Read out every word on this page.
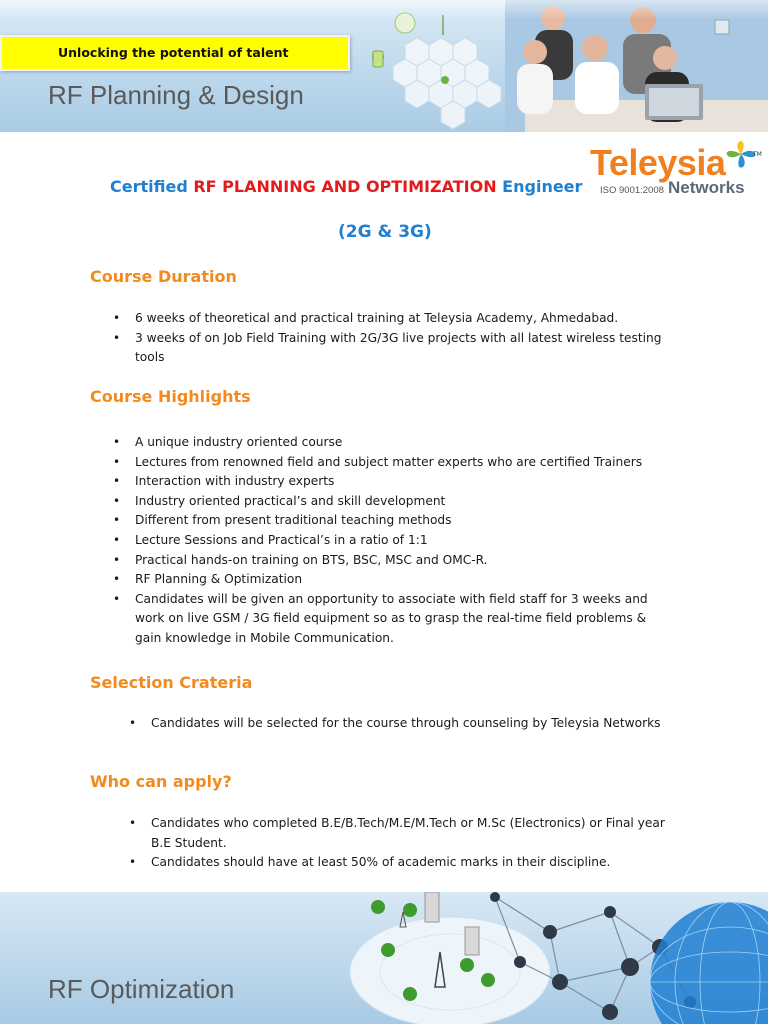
Unlocking the potential of talent
RF Planning & Design
Teleysia	TM
ISO 9001:2008 Networks
Certified RF PLANNING AND OPTIMIZATION Engineer
(2G & 3G)
Course Duration
• 6 weeks of theoretical and practical training at Teleysia Academy, Ahmedabad.
• 3 weeks of on Job Field Training with 2G/3G live projects with all latest wireless testing tools
Course Highlights
• A unique industry oriented course
• Lectures from renowned field and subject matter experts who are certified Trainers
• Interaction with industry experts
• Industry oriented practical’s and skill development
• Different from present traditional teaching methods
• Lecture Sessions and Practical’s in a ratio of 1:1
• Practical hands-on training on BTS, BSC, MSC and OMC-R.
• RF Planning & Optimization
• Candidates will be given an opportunity to associate with field staff for 3 weeks and work on live GSM / 3G field equipment so as to grasp the real-time field problems & gain knowledge in Mobile Communication.
Selection Crateria
• Candidates will be selected for the course through counseling by Teleysia Networks
Who can apply?
• Candidates who completed B.E/B.Tech/M.E/M.Tech or M.Sc (Electronics) or Final year B.E Student.
• Candidates should have at least 50% of academic marks in their discipline.
RF Optimization
